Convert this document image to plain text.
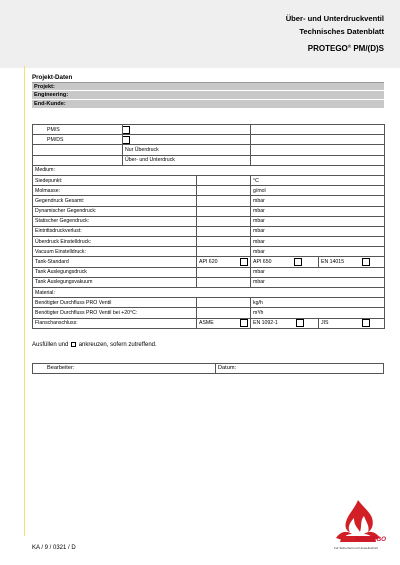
Über- und Unterdruckventil
Technisches Datenblatt
PROTEGO® PM/(D)S
Projekt-Daten
Projekt:
Engineering:
End-Kunde:
PM/S				
PM/DS				

	Nur Überdruck			

	Über- und Unterdruck			

Medium:				
Siedepunkt:			°C	
Molmasse:			g/mol	
Gegendruck Gesamt:			mbar	
Dynamischer Gegendruck:			mbar	
Statischer Gegendruck:			mbar	
Eintrittsdruckverlust:			mbar	
Überdruck Einstelldruck:			mbar	
Vacuum Einstelldruck:			mbar	
Tank-Standard		API 620	API 650	EN 14015

Tank Auslegungsdruck			mbar	
Tank Auslegungsvakuum			mbar	
Material:				
Benötigter Durchfluss PRO Ventil			kg/h	
Benötigter Durchfluss PRO Ventil bei +20°C:			m³/h	
Flanschanschluss:		ASME	EN 1092-1	JIS
Ausfüllen und ankreuzen, sofern zutreffend.
Bearbeiter:	Datum:
PROTEGO
Für Sicherheit und Umweltschutz
KA / 9 / 0321 / D
